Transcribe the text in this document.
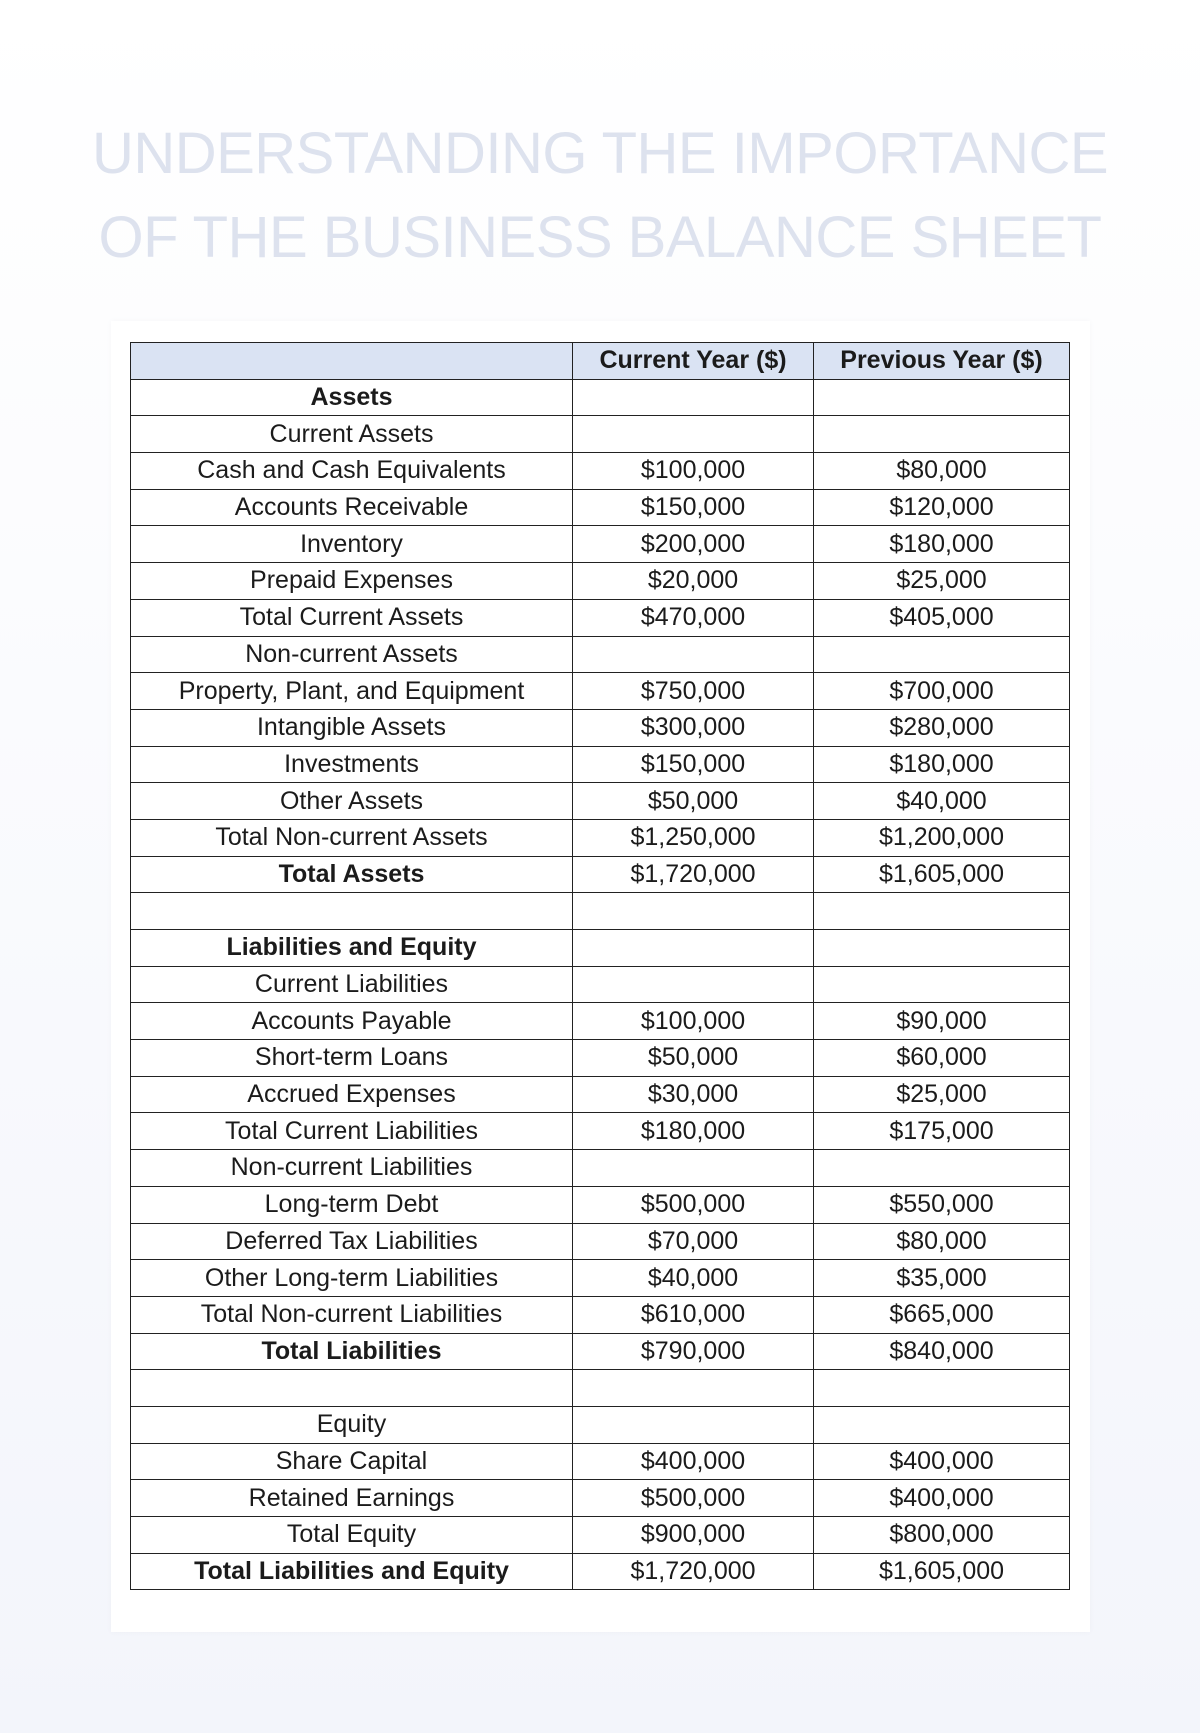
UNDERSTANDING THE IMPORTANCE
OF THE BUSINESS BALANCE SHEET
	Current Year ($)	Previous Year ($)
Assets		
Current Assets		
Cash and Cash Equivalents	$100,000	$80,000
Accounts Receivable	$150,000	$120,000
Inventory	$200,000	$180,000
Prepaid Expenses	$20,000	$25,000
Total Current Assets	$470,000	$405,000
Non-current Assets		
Property, Plant, and Equipment	$750,000	$700,000
Intangible Assets	$300,000	$280,000
Investments	$150,000	$180,000
Other Assets	$50,000	$40,000
Total Non-current Assets	$1,250,000	$1,200,000
Total Assets	$1,720,000	$1,605,000

Liabilities and Equity		
Current Liabilities		
Accounts Payable	$100,000	$90,000
Short-term Loans	$50,000	$60,000
Accrued Expenses	$30,000	$25,000
Total Current Liabilities	$180,000	$175,000
Non-current Liabilities		
Long-term Debt	$500,000	$550,000
Deferred Tax Liabilities	$70,000	$80,000
Other Long-term Liabilities	$40,000	$35,000
Total Non-current Liabilities	$610,000	$665,000
Total Liabilities	$790,000	$840,000

Equity		
Share Capital	$400,000	$400,000
Retained Earnings	$500,000	$400,000
Total Equity	$900,000	$800,000
Total Liabilities and Equity	$1,720,000	$1,605,000
